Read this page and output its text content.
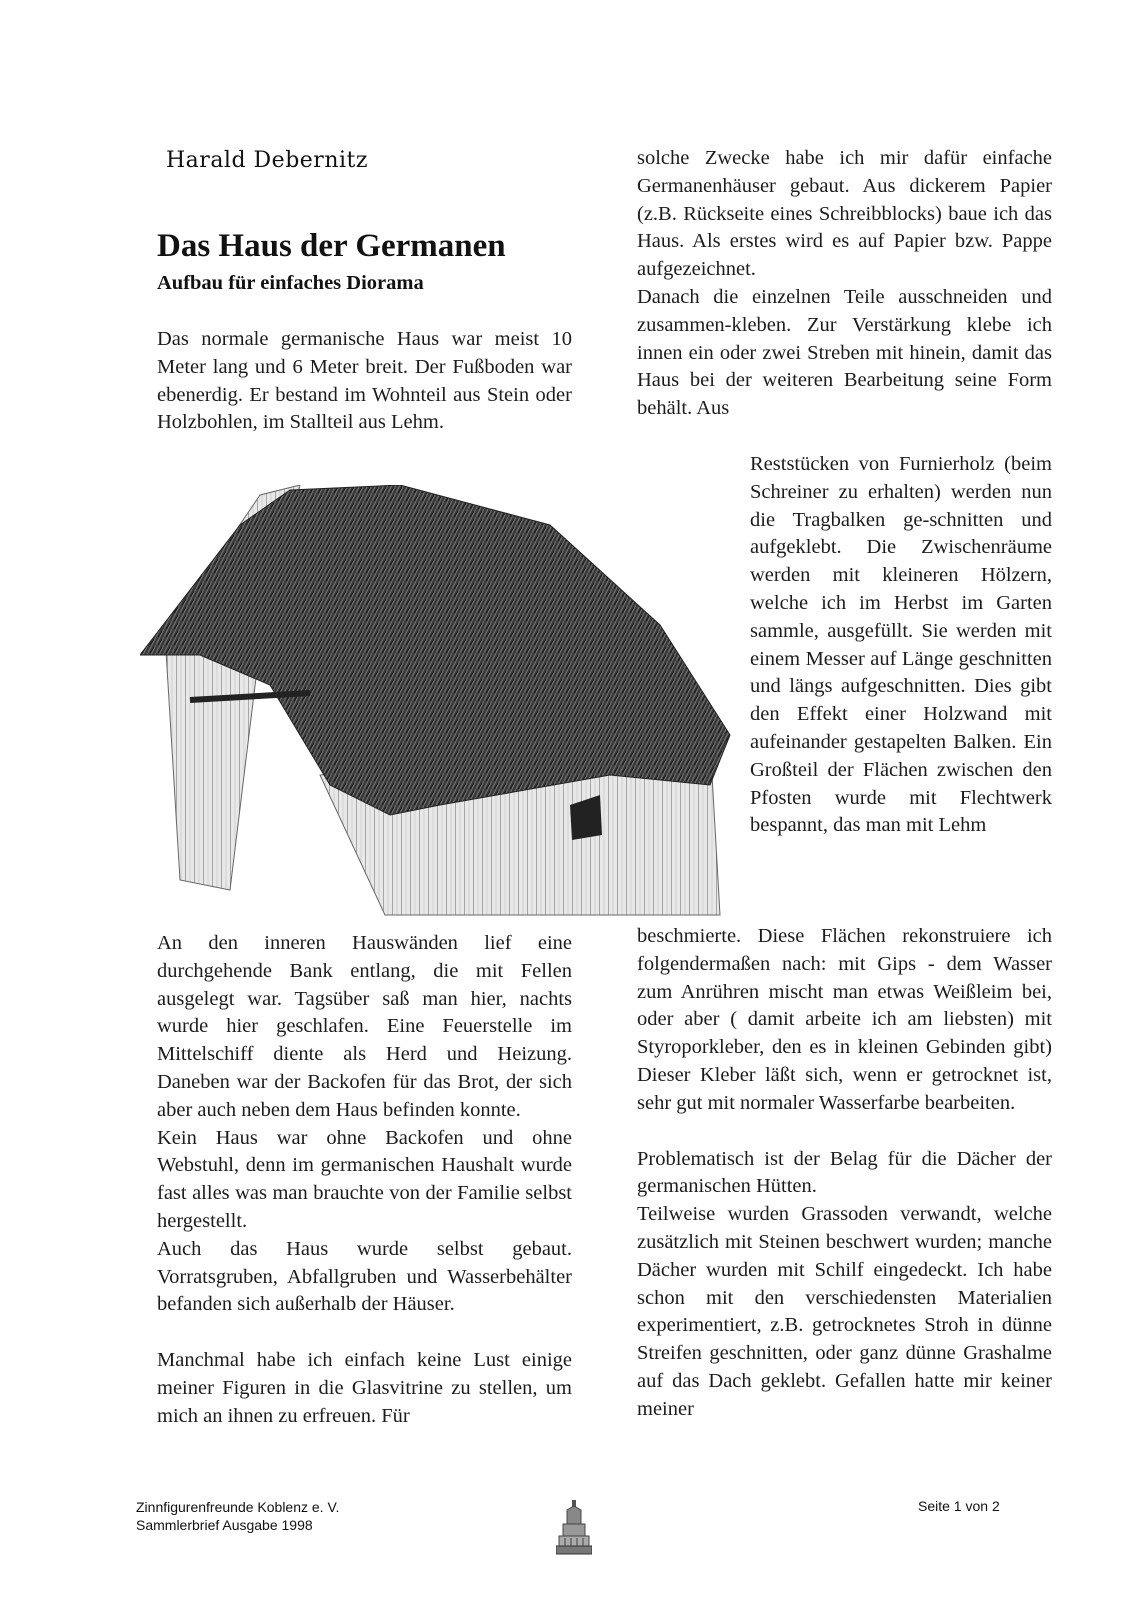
Harald Debernitz
Das Haus der Germanen
Aufbau für einfaches Diorama

Das normale germanische Haus war meist 10 Meter lang und 6 Meter breit. Der Fußboden war ebenerdig. Er bestand im Wohnteil aus Stein oder Holzbohlen, im Stallteil aus Lehm.

An den inneren Hauswänden lief eine durchgehende Bank entlang, die mit Fellen ausgelegt war. Tagsüber saß man hier, nachts wurde hier geschlafen. Eine Feuerstelle im Mittelschiff diente als Herd und Heizung. Daneben war der Backofen für das Brot, der sich aber auch neben dem Haus befinden konnte.

Kein Haus war ohne Backofen und ohne Webstuhl, denn im germanischen Haushalt wurde fast alles was man brauchte von der Familie selbst hergestellt.

Auch das Haus wurde selbst gebaut. Vorratsgruben, Abfallgruben und Wasserbehälter befanden sich außerhalb der Häuser.

Manchmal habe ich einfach keine Lust einige meiner Figuren in die Glasvitrine zu stellen, um mich an ihnen zu erfreuen. Für

solche Zwecke habe ich mir dafür einfache Germanenhäuser gebaut. Aus dickerem Papier (z.B. Rückseite eines Schreibblocks) baue ich das Haus. Als erstes wird es auf Papier bzw. Pappe aufgezeichnet.

Danach die einzelnen Teile ausschneiden und zusammen-kleben. Zur Verstärkung klebe ich innen ein oder zwei Streben mit hinein, damit das Haus bei der weiteren Bearbeitung seine Form behält. Aus

Reststücken von Furnierholz (beim Schreiner zu erhalten) werden nun die Tragbalken ge-schnitten und aufgeklebt. Die Zwischenräume werden mit kleineren Hölzern, welche ich im Herbst im Garten sammle, ausgefüllt. Sie werden mit einem Messer auf Länge geschnitten und längs aufgeschnitten. Dies gibt den Effekt einer Holzwand mit aufeinander gestapelten Balken. Ein Großteil der Flächen zwischen den Pfosten wurde mit Flechtwerk bespannt, das man mit Lehm

beschmierte. Diese Flächen rekonstruiere ich folgendermaßen nach: mit Gips - dem Wasser zum Anrühren mischt man etwas Weißleim bei, oder aber ( damit arbeite ich am liebsten) mit Styroporkleber, den es in kleinen Gebinden gibt) Dieser Kleber läßt sich, wenn er getrocknet ist, sehr gut mit normaler Wasserfarbe bearbeiten.

Problematisch ist der Belag für die Dächer der germanischen Hütten.

Teilweise wurden Grassoden verwandt, welche zusätzlich mit Steinen beschwert wurden; manche Dächer wurden mit Schilf eingedeckt. Ich habe schon mit den verschiedensten Materialien experimentiert, z.B. getrocknetes Stroh in dünne Streifen geschnitten, oder ganz dünne Grashalme auf das Dach geklebt. Gefallen hatte mir keiner meiner

Zinnfigurenfreunde Koblenz e. V.
Sammlerbrief Ausgabe 1998
Seite 1 von 2
